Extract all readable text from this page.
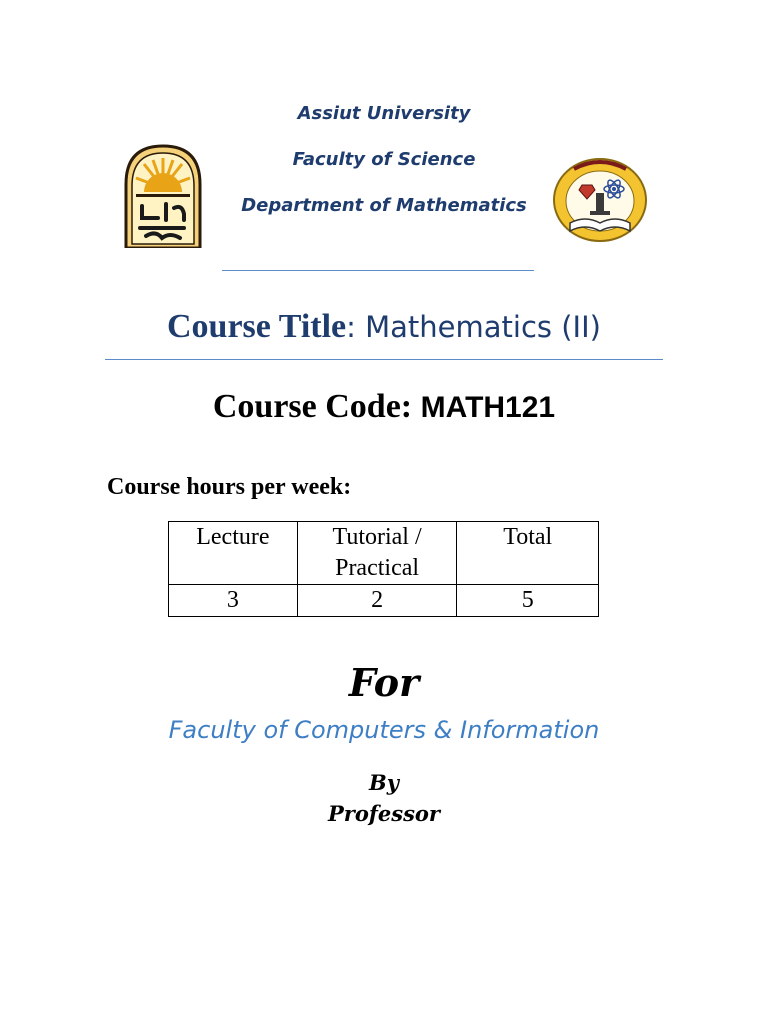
Assiut University
Faculty of Science
Department of Mathematics
Course Title: Mathematics (II)
Course Code: MATH121
Course hours per week:
Lecture	Tutorial / Practical	Total
3	2	5
For
Faculty of Computers & Information
By
Professor
